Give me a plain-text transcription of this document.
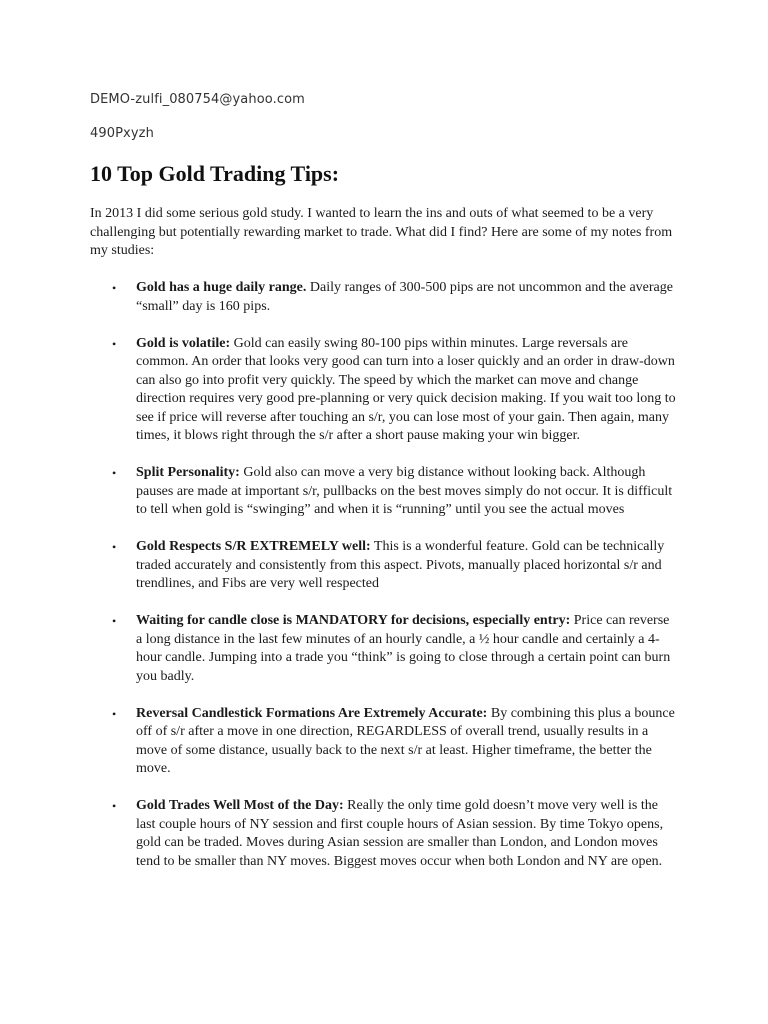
DEMO-zulfi_080754@yahoo.com
490Pxyzh
10 Top Gold Trading Tips:

In 2013 I did some serious gold study. I wanted to learn the ins and outs of what seemed to be a very challenging but potentially rewarding market to trade. What did I find? Here are some of my notes from my studies:

•	Gold has a huge daily range. Daily ranges of 300-500 pips are not uncommon and the average “small” day is 160 pips.
•	Gold is volatile: Gold can easily swing 80-100 pips within minutes. Large reversals are common. An order that looks very good can turn into a loser quickly and an order in draw-down can also go into profit very quickly. The speed by which the market can move and change direction requires very good pre-planning or very quick decision making. If you wait too long to see if price will reverse after touching an s/r, you can lose most of your gain. Then again, many times, it blows right through the s/r after a short pause making your win bigger.
•	Split Personality: Gold also can move a very big distance without looking back. Although pauses are made at important s/r, pullbacks on the best moves simply do not occur. It is difficult to tell when gold is “swinging” and when it is “running” until you see the actual moves
•	Gold Respects S/R EXTREMELY well: This is a wonderful feature. Gold can be technically traded accurately and consistently from this aspect. Pivots, manually placed horizontal s/r and trendlines, and Fibs are very well respected
•	Waiting for candle close is MANDATORY for decisions, especially entry: Price can reverse a long distance in the last few minutes of an hourly candle, a ½ hour candle and certainly a 4-hour candle. Jumping into a trade you “think” is going to close through a certain point can burn you badly.
•	Reversal Candlestick Formations Are Extremely Accurate: By combining this plus a bounce off of s/r after a move in one direction, REGARDLESS of overall trend, usually results in a move of some distance, usually back to the next s/r at least. Higher timeframe, the better the move.
•	Gold Trades Well Most of the Day: Really the only time gold doesn’t move very well is the last couple hours of NY session and first couple hours of Asian session. By time Tokyo opens, gold can be traded. Moves during Asian session are smaller than London, and London moves tend to be smaller than NY moves. Biggest moves occur when both London and NY are open.
